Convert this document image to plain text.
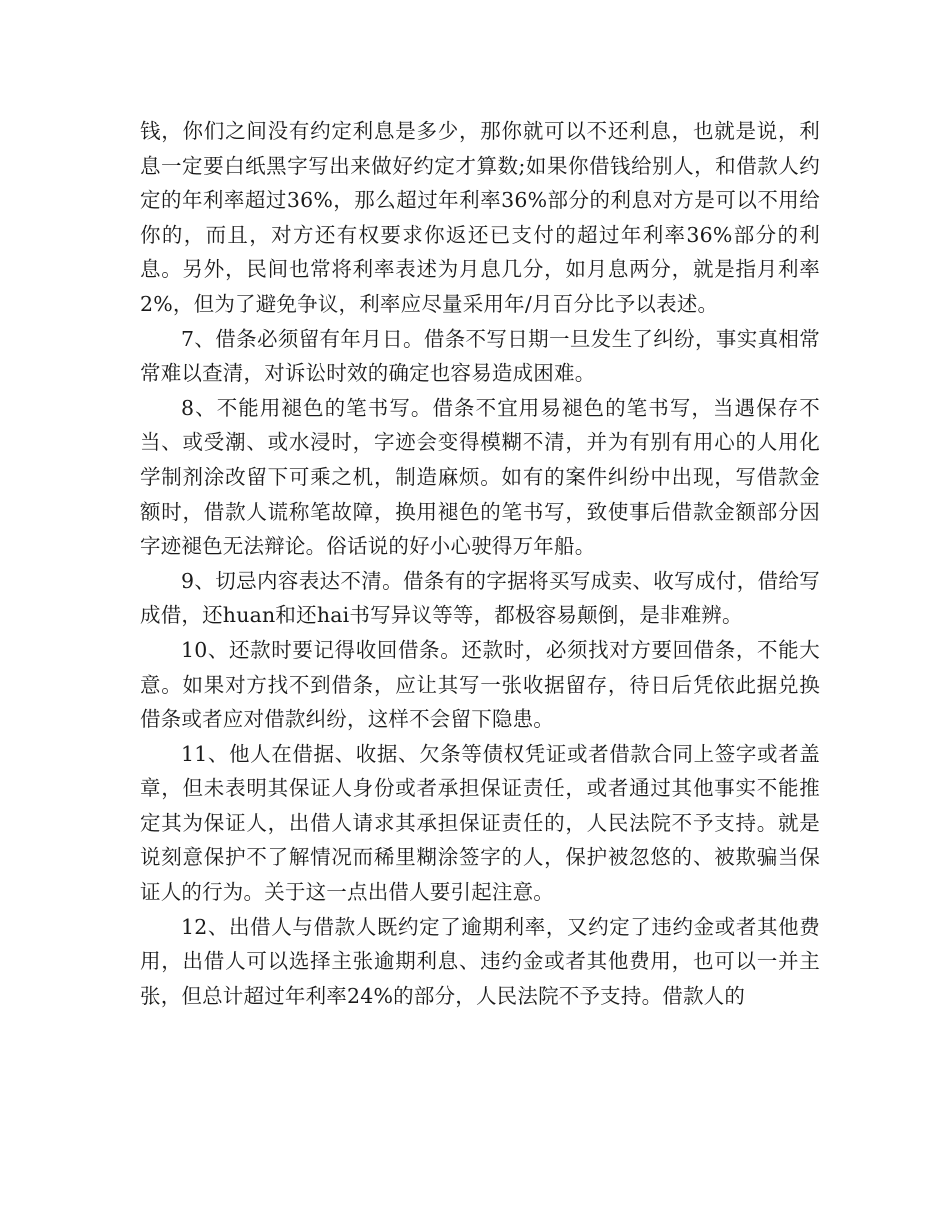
钱，你们之间没有约定利息是多少，那你就可以不还利息，也就是说，利息一定要白纸黑字写出来做好约定才算数;如果你借钱给别人，和借款人约定的年利率超过36%，那么超过年利率36%部分的利息对方是可以不用给你的，而且，对方还有权要求你返还已支付的超过年利率36%部分的利息。另外，民间也常将利率表述为月息几分，如月息两分，就是指月利率2%，但为了避免争议，利率应尽量采用年/月百分比予以表述。

7、借条必须留有年月日。借条不写日期一旦发生了纠纷，事实真相常常难以查清，对诉讼时效的确定也容易造成困难。

8、不能用褪色的笔书写。借条不宜用易褪色的笔书写，当遇保存不当、或受潮、或水浸时，字迹会变得模糊不清，并为有别有用心的人用化学制剂涂改留下可乘之机，制造麻烦。如有的案件纠纷中出现，写借款金额时，借款人谎称笔故障，换用褪色的笔书写，致使事后借款金额部分因字迹褪色无法辩论。俗话说的好小心驶得万年船。

9、切忌内容表达不清。借条有的字据将买写成卖、收写成付，借给写成借，还huan和还hai书写异议等等，都极容易颠倒，是非难辨。

10、还款时要记得收回借条。还款时，必须找对方要回借条，不能大意。如果对方找不到借条，应让其写一张收据留存，待日后凭依此据兑换借条或者应对借款纠纷，这样不会留下隐患。

11、他人在借据、收据、欠条等债权凭证或者借款合同上签字或者盖章，但未表明其保证人身份或者承担保证责任，或者通过其他事实不能推定其为保证人，出借人请求其承担保证责任的，人民法院不予支持。就是说刻意保护不了解情况而稀里糊涂签字的人，保护被忽悠的、被欺骗当保证人的行为。关于这一点出借人要引起注意。

12、出借人与借款人既约定了逾期利率，又约定了违约金或者其他费用，出借人可以选择主张逾期利息、违约金或者其他费用，也可以一并主张，但总计超过年利率24%的部分，人民法院不予支持。借款人的
